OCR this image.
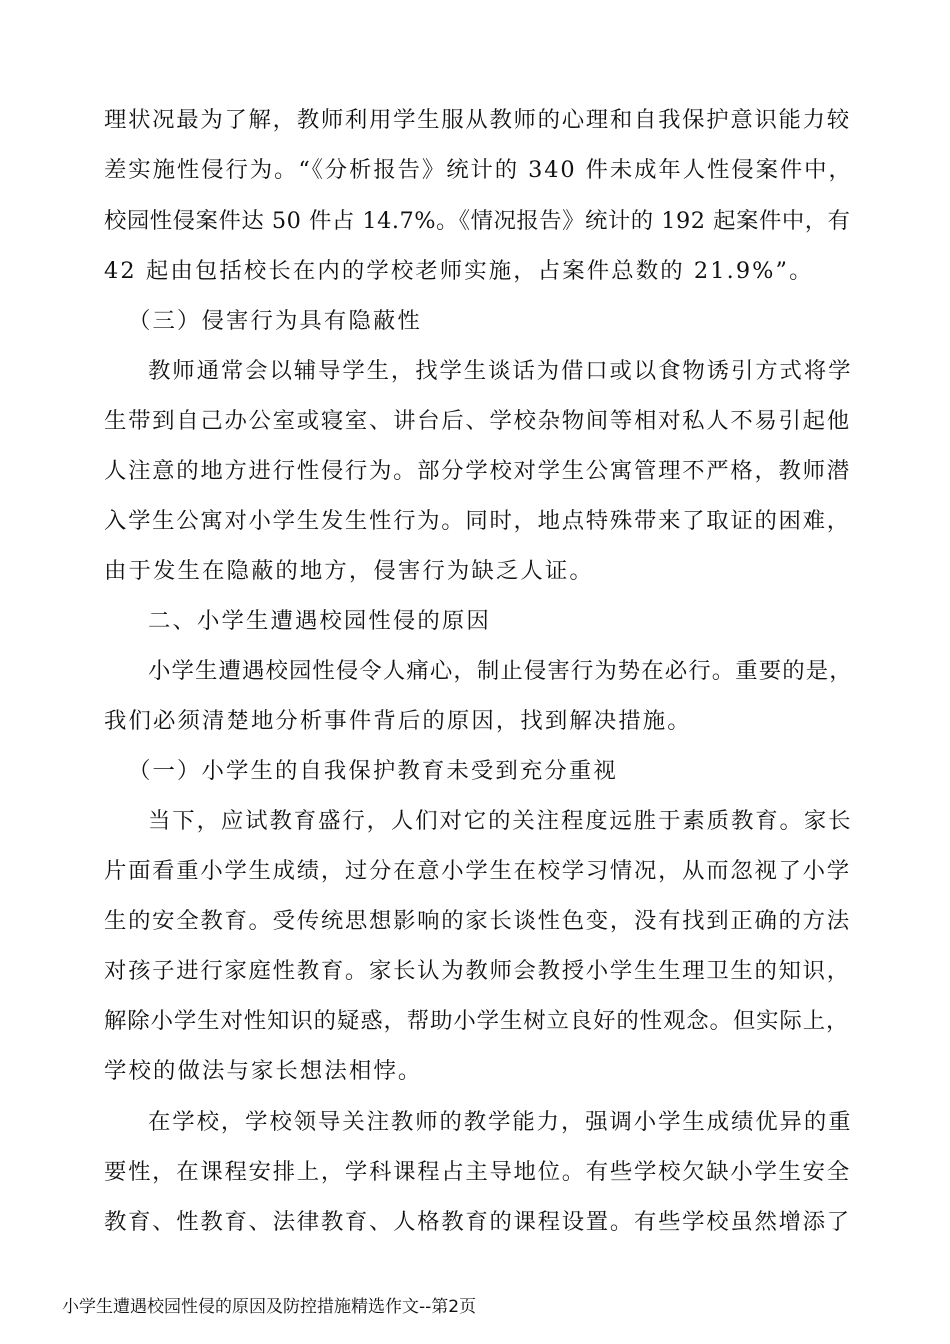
理状况最为了解，教师利用学生服从教师的心理和自我保护意识能力较
差实施性侵行为。“《分析报告》统计的 340 件未成年人性侵案件中，
校园性侵案件达 50 件占 14.7%。《情况报告》统计的 192 起案件中，有
42 起由包括校长在内的学校老师实施，占案件总数的 21.9%”。
（三）侵害行为具有隐蔽性
教师通常会以辅导学生，找学生谈话为借口或以食物诱引方式将学
生带到自己办公室或寝室、讲台后、学校杂物间等相对私人不易引起他
人注意的地方进行性侵行为。部分学校对学生公寓管理不严格，教师潜
入学生公寓对小学生发生性行为。同时，地点特殊带来了取证的困难，
由于发生在隐蔽的地方，侵害行为缺乏人证。
二、小学生遭遇校园性侵的原因
小学生遭遇校园性侵令人痛心，制止侵害行为势在必行。重要的是，
我们必须清楚地分析事件背后的原因，找到解决措施。
（一）小学生的自我保护教育未受到充分重视
当下，应试教育盛行，人们对它的关注程度远胜于素质教育。家长
片面看重小学生成绩，过分在意小学生在校学习情况，从而忽视了小学
生的安全教育。受传统思想影响的家长谈性色变，没有找到正确的方法
对孩子进行家庭性教育。家长认为教师会教授小学生生理卫生的知识，
解除小学生对性知识的疑惑，帮助小学生树立良好的性观念。但实际上，
学校的做法与家长想法相悖。
在学校，学校领导关注教师的教学能力，强调小学生成绩优异的重
要性，在课程安排上，学科课程占主导地位。有些学校欠缺小学生安全
教育、性教育、法律教育、人格教育的课程设置。有些学校虽然增添了
小学生遭遇校园性侵的原因及防控措施精选作文--第2页
